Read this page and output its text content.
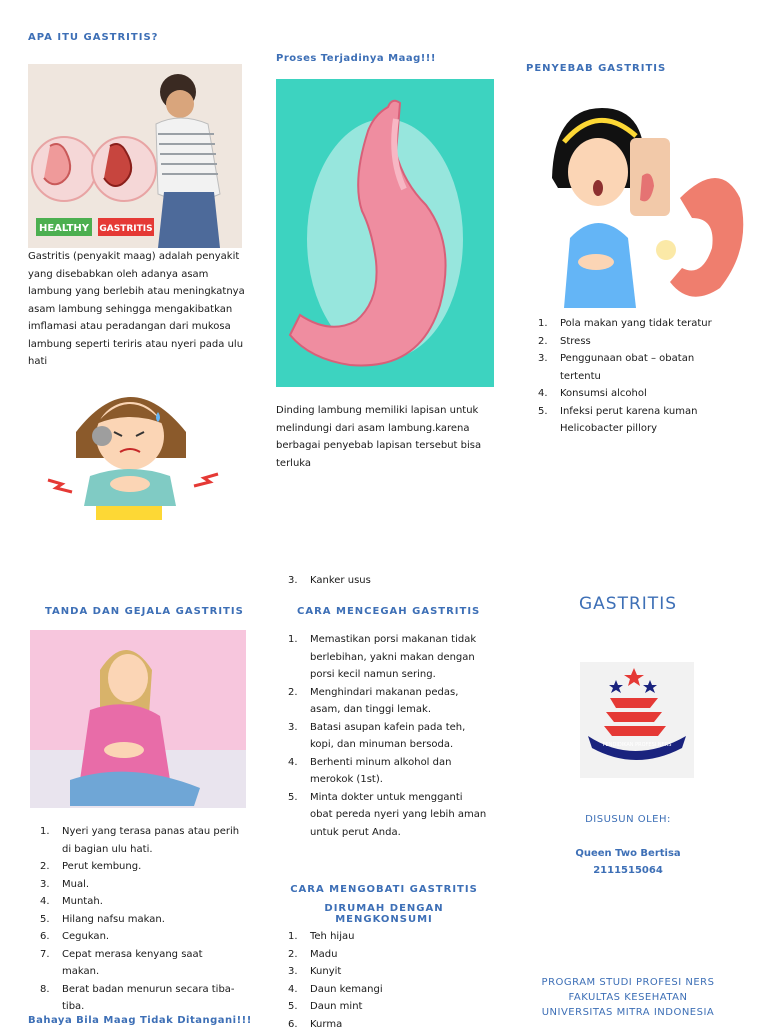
APA ITU GASTRITIS?
HEALTHY GASTRITIS
Gastritis (penyakit maag) adalah penyakit yang disebabkan oleh adanya asam lambung yang berlebih atau meningkatnya asam lambung sehingga mengakibatkan imflamasi atau peradangan dari mukosa lambung seperti teriris atau nyeri pada ulu hati
Proses Terjadinya Maag!!!
Dinding lambung memiliki lapisan untuk melindungi dari asam lambung.karena berbagai penyebab lapisan tersebut bisa terluka
PENYEBAB GASTRITIS
1.	Pola makan yang tidak teratur
2.	Stress
3.	Penggunaan obat – obatan tertentu
4.	Konsumsi alcohol
5.	Infeksi perut karena kuman Helicobacter pillory
TANDA DAN GEJALA GASTRITIS
1.	Nyeri yang terasa panas atau perih di bagian ulu hati.
2.	Perut kembung.
3.	Mual.
4.	Muntah.
5.	Hilang nafsu makan.
6.	Cegukan.
7.	Cepat merasa kenyang saat makan.
8.	Berat badan menurun secara tiba-tiba.
Bahaya Bila Maag Tidak Ditangani!!!
3.	Kanker usus
CARA MENCEGAH GASTRITIS
1.	Memastikan porsi makanan tidak berlebihan, yakni makan dengan porsi kecil namun sering.
2.	Menghindari makanan pedas, asam, dan tinggi lemak.
3.	Batasi asupan kafein pada teh, kopi, dan minuman bersoda.
4.	Berhenti minum alkohol dan merokok (1st).
5.	Minta dokter untuk mengganti obat pereda nyeri yang lebih aman untuk perut Anda.
CARA MENGOBATI GASTRITIS
DIRUMAH DENGAN MENGKONSUMI
1.	Teh hijau
2.	Madu
3.	Kunyit
4.	Daun kemangi
5.	Daun mint
6.	Kurma
GASTRITIS
PENDIDIKAN PROFESI NERS
DISUSUN OLEH:
Queen Two Bertisa
2111515064
PROGRAM STUDI PROFESI NERS
FAKULTAS KESEHATAN
UNIVERSITAS MITRA INDONESIA
